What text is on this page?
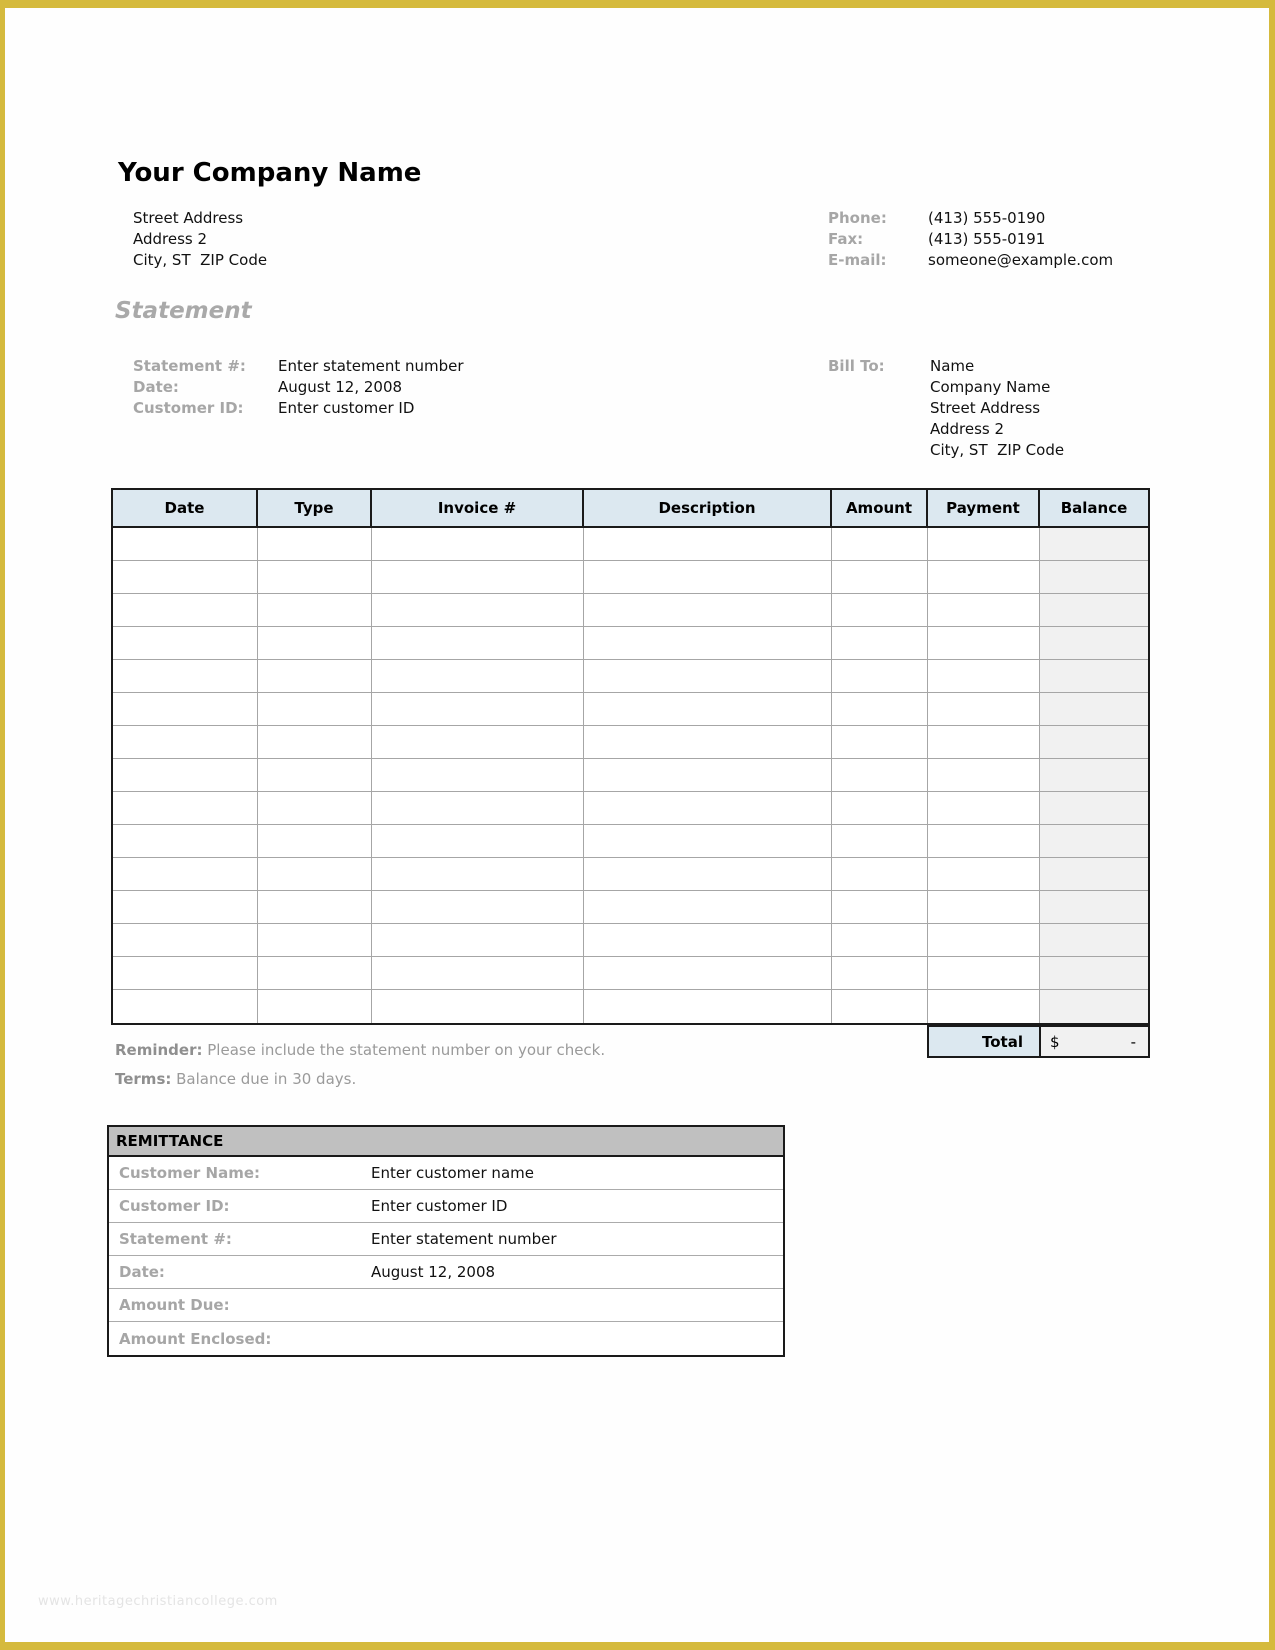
Your Company Name
Street Address
Address 2
City, ST  ZIP Code
Phone:	(413) 555-0190
Fax:	(413) 555-0191
E-mail:	someone@example.com
Statement
Statement #:	Enter statement number
Date:	August 12, 2008
Customer ID:	Enter customer ID
Bill To:	Name
Company Name
Street Address
Address 2
City, ST  ZIP Code
Date	Type	Invoice #	Description	Amount	Payment	Balance
Total	$	-
Reminder: Please include the statement number on your check.
Terms: Balance due in 30 days.
REMITTANCE
Customer Name:	Enter customer name
Customer ID:	Enter customer ID
Statement #:	Enter statement number
Date:	August 12, 2008
Amount Due:
Amount Enclosed:
www.heritagechristiancollege.com
